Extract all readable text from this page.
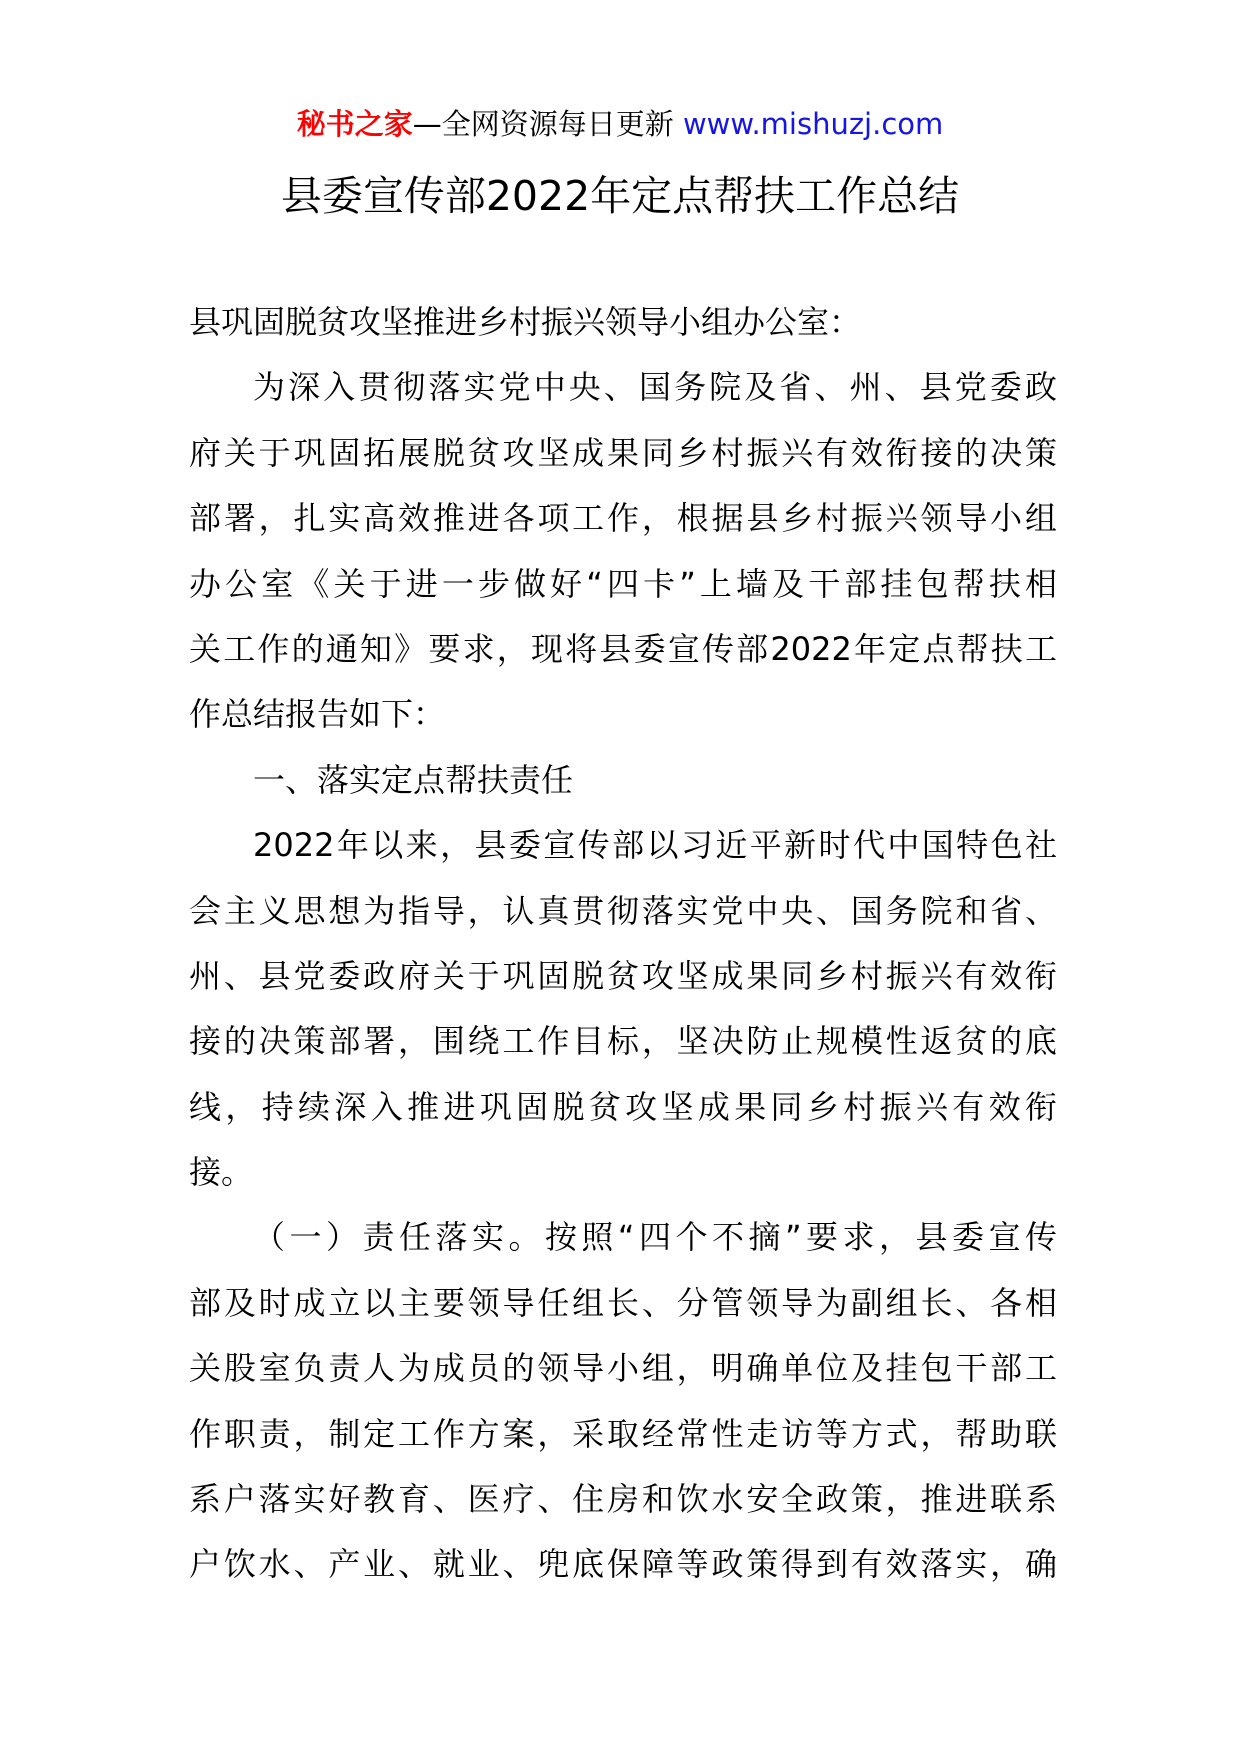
秘书之家—全网资源每日更新 www.mishuzj.com
县委宣传部2022年定点帮扶工作总结
县巩固脱贫攻坚推进乡村振兴领导小组办公室：
为深入贯彻落实党中央、国务院及省、州、县党委政
府关于巩固拓展脱贫攻坚成果同乡村振兴有效衔接的决策
部署，扎实高效推进各项工作，根据县乡村振兴领导小组
办公室《关于进一步做好“四卡”上墙及干部挂包帮扶相
关工作的通知》要求，现将县委宣传部2022年定点帮扶工
作总结报告如下：
一、落实定点帮扶责任
2022年以来，县委宣传部以习近平新时代中国特色社
会主义思想为指导，认真贯彻落实党中央、国务院和省、
州、县党委政府关于巩固脱贫攻坚成果同乡村振兴有效衔
接的决策部署，围绕工作目标，坚决防止规模性返贫的底
线，持续深入推进巩固脱贫攻坚成果同乡村振兴有效衔
接。
（一）责任落实。按照“四个不摘”要求，县委宣传
部及时成立以主要领导任组长、分管领导为副组长、各相
关股室负责人为成员的领导小组，明确单位及挂包干部工
作职责，制定工作方案，采取经常性走访等方式，帮助联
系户落实好教育、医疗、住房和饮水安全政策，推进联系
户饮水、产业、就业、兜底保障等政策得到有效落实，确
